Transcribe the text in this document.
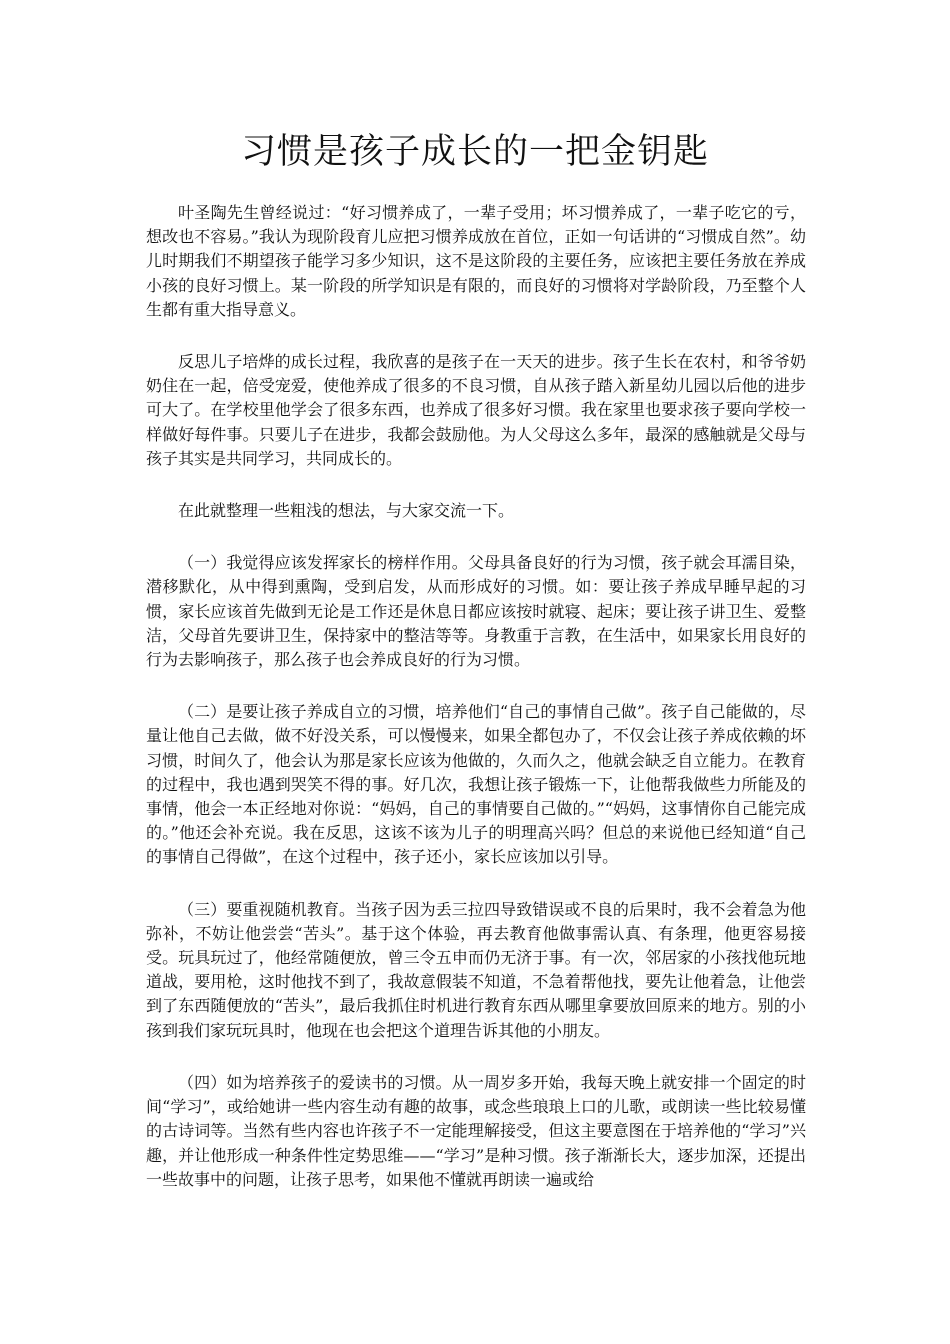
习惯是孩子成长的一把金钥匙

叶圣陶先生曾经说过：“好习惯养成了，一辈子受用；坏习惯养成了，一辈子吃它的亏，想改也不容易。”我认为现阶段育儿应把习惯养成放在首位，正如一句话讲的“习惯成自然”。幼儿时期我们不期望孩子能学习多少知识，这不是这阶段的主要任务，应该把主要任务放在养成小孩的良好习惯上。某一阶段的所学知识是有限的，而良好的习惯将对学龄阶段，乃至整个人生都有重大指导意义。

反思儿子培烨的成长过程，我欣喜的是孩子在一天天的进步。孩子生长在农村，和爷爷奶奶住在一起，倍受宠爱，使他养成了很多的不良习惯，自从孩子踏入新星幼儿园以后他的进步可大了。在学校里他学会了很多东西，也养成了很多好习惯。我在家里也要求孩子要向学校一样做好每件事。只要儿子在进步，我都会鼓励他。为人父母这么多年，最深的感触就是父母与孩子其实是共同学习，共同成长的。

在此就整理一些粗浅的想法，与大家交流一下。

（一）我觉得应该发挥家长的榜样作用。父母具备良好的行为习惯，孩子就会耳濡目染，潜移默化，从中得到熏陶，受到启发，从而形成好的习惯。如：要让孩子养成早睡早起的习惯，家长应该首先做到无论是工作还是休息日都应该按时就寝、起床；要让孩子讲卫生、爱整洁，父母首先要讲卫生，保持家中的整洁等等。身教重于言教，在生活中，如果家长用良好的行为去影响孩子，那么孩子也会养成良好的行为习惯。

（二）是要让孩子养成自立的习惯，培养他们“自己的事情自己做”。孩子自己能做的，尽量让他自己去做，做不好没关系，可以慢慢来，如果全都包办了，不仅会让孩子养成依赖的坏习惯，时间久了，他会认为那是家长应该为他做的，久而久之，他就会缺乏自立能力。在教育的过程中，我也遇到哭笑不得的事。好几次，我想让孩子锻炼一下，让他帮我做些力所能及的事情，他会一本正经地对你说：“妈妈，自己的事情要自己做的。”“妈妈，这事情你自己能完成的。”他还会补充说。我在反思，这该不该为儿子的明理高兴吗？但总的来说他已经知道“自己的事情自己得做”，在这个过程中，孩子还小，家长应该加以引导。

（三）要重视随机教育。当孩子因为丢三拉四导致错误或不良的后果时，我不会着急为他弥补，不妨让他尝尝“苦头”。基于这个体验，再去教育他做事需认真、有条理，他更容易接受。玩具玩过了，他经常随便放，曾三令五申而仍无济于事。有一次，邻居家的小孩找他玩地道战，要用枪，这时他找不到了，我故意假装不知道，不急着帮他找，要先让他着急，让他尝到了东西随便放的“苦头”，最后我抓住时机进行教育东西从哪里拿要放回原来的地方。别的小孩到我们家玩玩具时，他现在也会把这个道理告诉其他的小朋友。

（四）如为培养孩子的爱读书的习惯。从一周岁多开始，我每天晚上就安排一个固定的时间“学习”，或给她讲一些内容生动有趣的故事，或念些琅琅上口的儿歌，或朗读一些比较易懂的古诗词等。当然有些内容也许孩子不一定能理解接受，但这主要意图在于培养他的“学习”兴趣，并让他形成一种条件性定势思维——“学习”是种习惯。孩子渐渐长大，逐步加深，还提出一些故事中的问题，让孩子思考，如果他不懂就再朗读一遍或给
